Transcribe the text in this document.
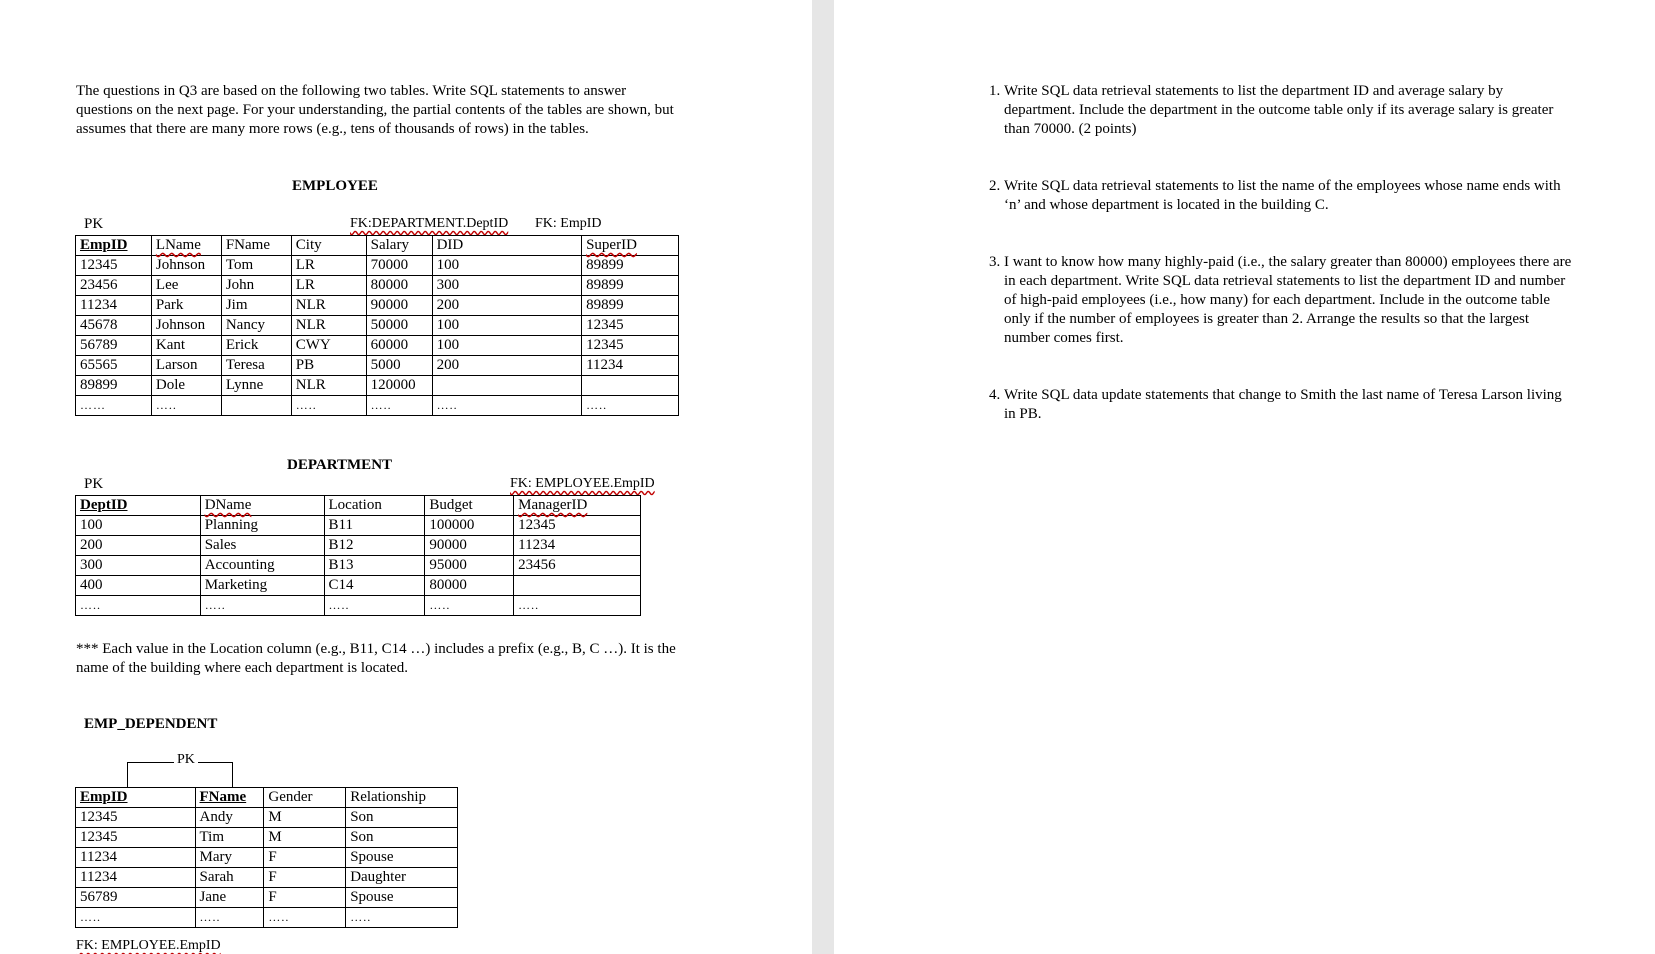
The questions in Q3 are based on the following two tables. Write SQL statements to answer questions on the next page. For your understanding, the partial contents of the tables are shown, but assumes that there are many more rows (e.g., tens of thousands of rows) in the tables.
EMPLOYEE
PK	FK:DEPARTMENT.DeptID FK: EmpID
EmpID	LName	FName	City	Salary	DID	SuperID
12345	Johnson	Tom	LR	70000	100	89899
23456	Lee	John	LR	80000	300	89899
11234	Park	Jim	NLR	90000	200	89899
45678	Johnson	Nancy	NLR	50000	100	12345
56789	Kant	Erick	CWY	60000	100	12345
65565	Larson	Teresa	PB	5000	200	11234
89899	Dole	Lynne	NLR	120000		
……	…..		…..	…..	…..	…..
DEPARTMENT
PK	FK: EMPLOYEE.EmpID
DeptID	DName	Location	Budget	ManagerID
100	Planning	B11	100000	12345
200	Sales	B12	90000	11234
300	Accounting	B13	95000	23456
400	Marketing	C14	80000	
…..	…..	…..	…..	…..
*** Each value in the Location column (e.g., B11, C14 …) includes a prefix (e.g., B, C …). It is the name of the building where each department is located.
EMP_DEPENDENT
PK
EmpID	FName	Gender	Relationship
12345	Andy	M	Son
12345	Tim	M	Son
11234	Mary	F	Spouse
11234	Sarah	F	Daughter
56789	Jane	F	Spouse
…..	…..	…..	…..
FK: EMPLOYEE.EmpID
1. Write SQL data retrieval statements to list the department ID and average salary by department. Include the department in the outcome table only if its average salary is greater than 70000. (2 points)
2. Write SQL data retrieval statements to list the name of the employees whose name ends with ‘n’ and whose department is located in the building C.
3. I want to know how many highly-paid (i.e., the salary greater than 80000) employees there are in each department. Write SQL data retrieval statements to list the department ID and number of high-paid employees (i.e., how many) for each department. Include in the outcome table only if the number of employees is greater than 2. Arrange the results so that the largest number comes first.
4. Write SQL data update statements that change to Smith the last name of Teresa Larson living in PB.
